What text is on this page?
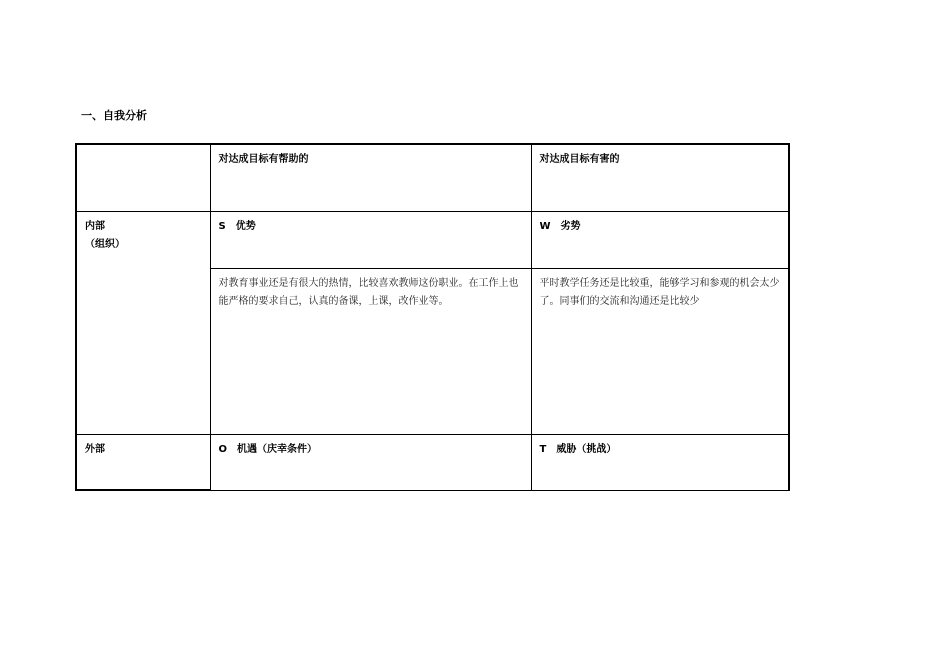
一、自我分析
	对达成目标有帮助的	对达成目标有害的

内部
（组织）	S　优势	W　劣势
	对教育事业还是有很大的热情，比较喜欢教师这份职业。在工作上也能严格的要求自己，认真的备课，上课，改作业等。	平时教学任务还是比较重，能够学习和参观的机会太少了。同事们的交流和沟通还是比较少
外部	O　机遇（庆幸条件）	T　威胁（挑战）
